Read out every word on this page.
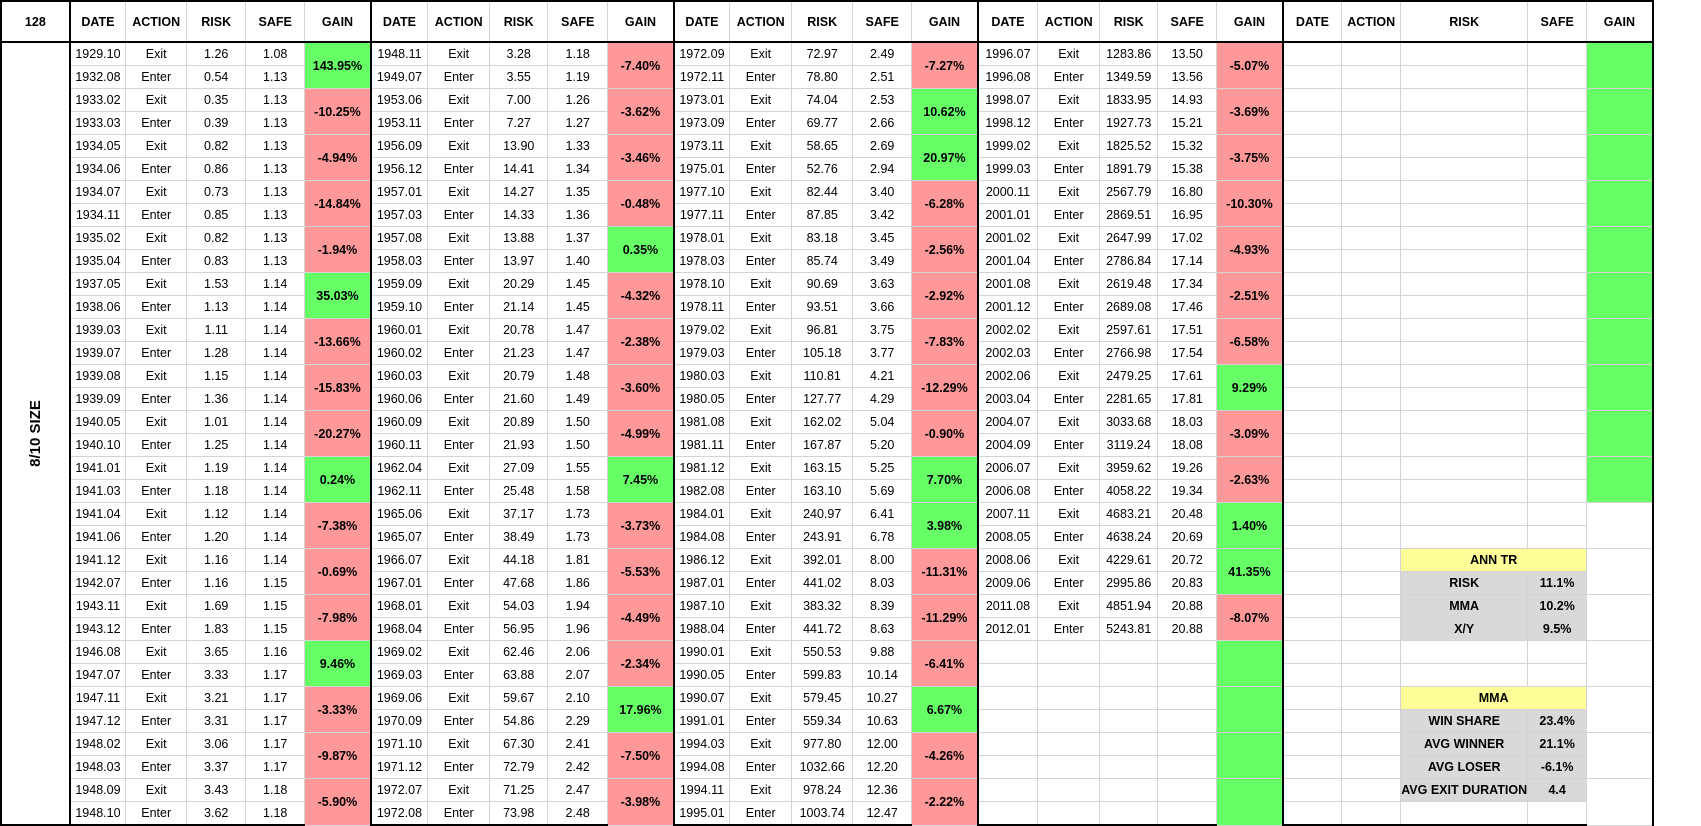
128	DATE	ACTION	RISK	SAFE	GAIN	DATE	ACTION	RISK	SAFE	GAIN	DATE	ACTION	RISK	SAFE	GAIN	DATE	ACTION	RISK	SAFE	GAIN	DATE	ACTION	RISK	SAFE	GAIN
8/10 SIZE	1929.10	Exit	1.26	1.08	143.95%	1948.11	Exit	3.28	1.18	-7.40%	1972.09	Exit	72.97	2.49	-7.27%	1996.07	Exit	1283.86	13.50	-5.07%					
	1932.08	Enter	0.54	1.13		1949.07	Enter	3.55	1.19		1972.11	Enter	78.80	2.51		1996.08	Enter	1349.59	13.56						
	1933.02	Exit	0.35	1.13	-10.25%	1953.06	Exit	7.00	1.26	-3.62%	1973.01	Exit	74.04	2.53	10.62%	1998.07	Exit	1833.95	14.93	-3.69%					
	1933.03	Enter	0.39	1.13		1953.11	Enter	7.27	1.27		1973.09	Enter	69.77	2.66		1998.12	Enter	1927.73	15.21						
	1934.05	Exit	0.82	1.13	-4.94%	1956.09	Exit	13.90	1.33	-3.46%	1973.11	Exit	58.65	2.69	20.97%	1999.02	Exit	1825.52	15.32	-3.75%					
	1934.06	Enter	0.86	1.13		1956.12	Enter	14.41	1.34		1975.01	Enter	52.76	2.94		1999.03	Enter	1891.79	15.38						
	1934.07	Exit	0.73	1.13	-14.84%	1957.01	Exit	14.27	1.35	-0.48%	1977.10	Exit	82.44	3.40	-6.28%	2000.11	Exit	2567.79	16.80	-10.30%					
	1934.11	Enter	0.85	1.13		1957.03	Enter	14.33	1.36		1977.11	Enter	87.85	3.42		2001.01	Enter	2869.51	16.95						
	1935.02	Exit	0.82	1.13	-1.94%	1957.08	Exit	13.88	1.37	0.35%	1978.01	Exit	83.18	3.45	-2.56%	2001.02	Exit	2647.99	17.02	-4.93%					
	1935.04	Enter	0.83	1.13		1958.03	Enter	13.97	1.40		1978.03	Enter	85.74	3.49		2001.04	Enter	2786.84	17.14						
	1937.05	Exit	1.53	1.14	35.03%	1959.09	Exit	20.29	1.45	-4.32%	1978.10	Exit	90.69	3.63	-2.92%	2001.08	Exit	2619.48	17.34	-2.51%					
	1938.06	Enter	1.13	1.14		1959.10	Enter	21.14	1.45		1978.11	Enter	93.51	3.66		2001.12	Enter	2689.08	17.46						
	1939.03	Exit	1.11	1.14	-13.66%	1960.01	Exit	20.78	1.47	-2.38%	1979.02	Exit	96.81	3.75	-7.83%	2002.02	Exit	2597.61	17.51	-6.58%					
	1939.07	Enter	1.28	1.14		1960.02	Enter	21.23	1.47		1979.03	Enter	105.18	3.77		2002.03	Enter	2766.98	17.54						
	1939.08	Exit	1.15	1.14	-15.83%	1960.03	Exit	20.79	1.48	-3.60%	1980.03	Exit	110.81	4.21	-12.29%	2002.06	Exit	2479.25	17.61	9.29%					
	1939.09	Enter	1.36	1.14		1960.06	Enter	21.60	1.49		1980.05	Enter	127.77	4.29		2003.04	Enter	2281.65	17.81						
	1940.05	Exit	1.01	1.14	-20.27%	1960.09	Exit	20.89	1.50	-4.99%	1981.08	Exit	162.02	5.04	-0.90%	2004.07	Exit	3033.68	18.03	-3.09%					
	1940.10	Enter	1.25	1.14		1960.11	Enter	21.93	1.50		1981.11	Enter	167.87	5.20		2004.09	Enter	3119.24	18.08						
	1941.01	Exit	1.19	1.14	0.24%	1962.04	Exit	27.09	1.55	7.45%	1981.12	Exit	163.15	5.25	7.70%	2006.07	Exit	3959.62	19.26	-2.63%					
	1941.03	Enter	1.18	1.14		1962.11	Enter	25.48	1.58		1982.08	Enter	163.10	5.69		2006.08	Enter	4058.22	19.34						
	1941.04	Exit	1.12	1.14	-7.38%	1965.06	Exit	37.17	1.73	-3.73%	1984.01	Exit	240.97	6.41	3.98%	2007.11	Exit	4683.21	20.48	1.40%					
	1941.06	Enter	1.20	1.14		1965.07	Enter	38.49	1.73		1984.08	Enter	243.91	6.78		2008.05	Enter	4638.24	20.69						
	1941.12	Exit	1.16	1.14	-0.69%	1966.07	Exit	44.18	1.81	-5.53%	1986.12	Exit	392.01	8.00	-11.31%	2008.06	Exit	4229.61	20.72	41.35%			ANN TR		
	1942.07	Enter	1.16	1.15		1967.01	Enter	47.68	1.86		1987.01	Enter	441.02	8.03		2009.06	Enter	2995.86	20.83				RISK	11.1%	
	1943.11	Exit	1.69	1.15	-7.98%	1968.01	Exit	54.03	1.94	-4.49%	1987.10	Exit	383.32	8.39	-11.29%	2011.08	Exit	4851.94	20.88	-8.07%			MMA	10.2%	
	1943.12	Enter	1.83	1.15		1968.04	Enter	56.95	1.96		1988.04	Enter	441.72	8.63		2012.01	Enter	5243.81	20.88				X/Y	9.5%	
	1946.08	Exit	3.65	1.16	9.46%	1969.02	Exit	62.46	2.06	-2.34%	1990.01	Exit	550.53	9.88	-6.41%										
	1947.07	Enter	3.33	1.17		1969.03	Enter	63.88	2.07		1990.05	Enter	599.83	10.14											
	1947.11	Exit	3.21	1.17	-3.33%	1969.06	Exit	59.67	2.10	17.96%	1990.07	Exit	579.45	10.27	6.67%								MMA		
	1947.12	Enter	3.31	1.17		1970.09	Enter	54.86	2.29		1991.01	Enter	559.34	10.63									WIN SHARE	23.4%	
	1948.02	Exit	3.06	1.17	-9.87%	1971.10	Exit	67.30	2.41	-7.50%	1994.03	Exit	977.80	12.00	-4.26%								AVG WINNER	21.1%	
	1948.03	Enter	3.37	1.17		1971.12	Enter	72.79	2.42		1994.08	Enter	1032.66	12.20									AVG LOSER	-6.1%	
	1948.09	Exit	3.43	1.18	-5.90%	1972.07	Exit	71.25	2.47	-3.98%	1994.11	Exit	978.24	12.36	-2.22%								AVG EXIT DURATION	4.4	
	1948.10	Enter	3.62	1.18		1972.08	Enter	73.98	2.48		1995.01	Enter	1003.74	12.47											
